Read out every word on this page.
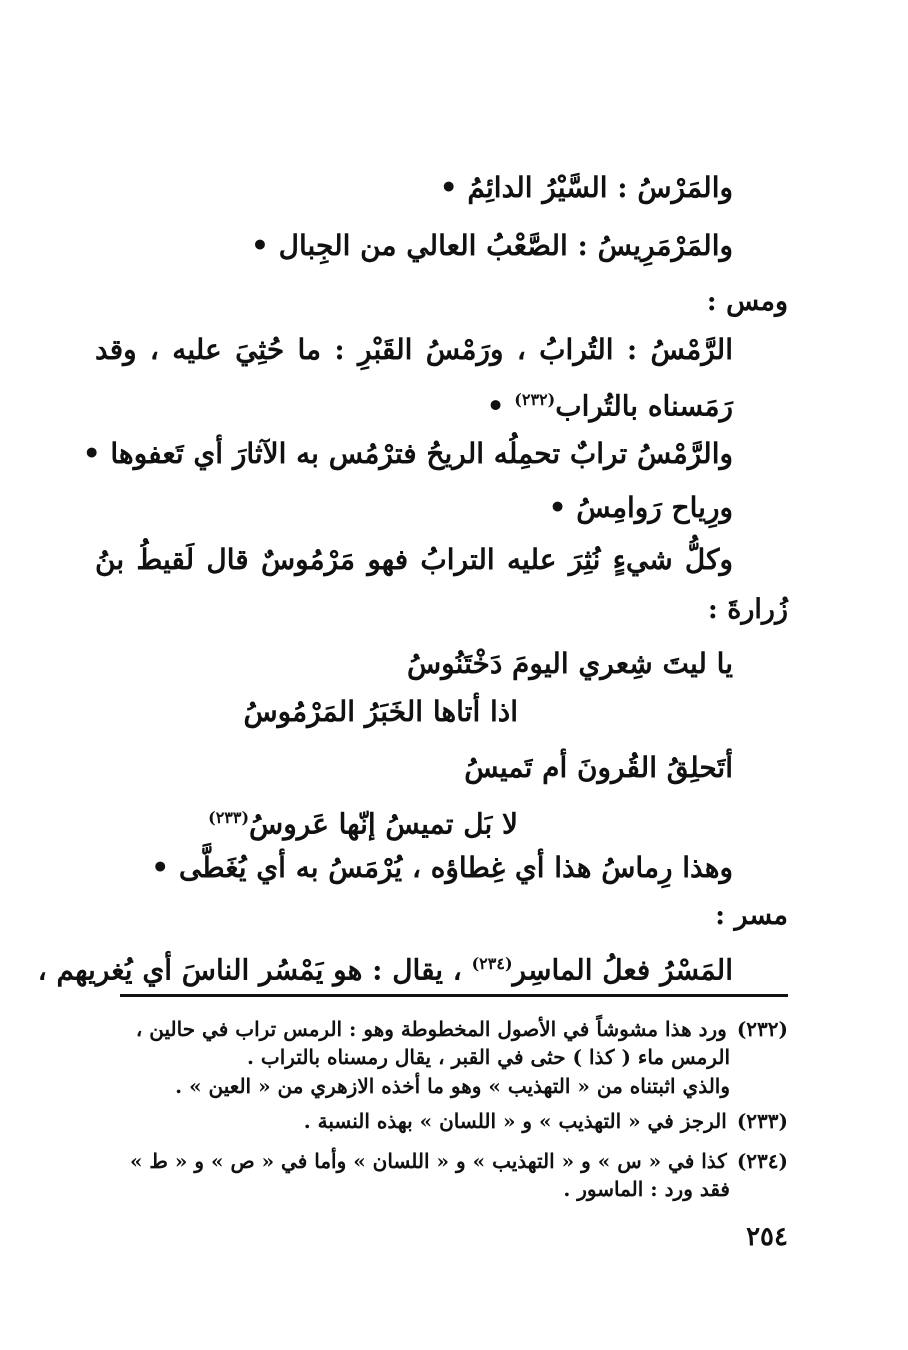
والمَرْسُ : السَّيْرُ الدائِمُ •
والمَرْمَرِيسُ : الصَّعْبُ العالي من الجِبال •
ومس :
الرَّمْسُ : التُرابُ ، ورَمْسُ القَبْرِ : ما حُثِيَ عليه ، وقد
رَمَسناه بالتُراب$^{(٢٣٢)}$ •
والرَّمْسُ ترابٌ تحمِلُه الريحُ فترْمُس به الآثارَ أي تَعفوها •
ورِياح رَوامِسُ •
وكلُّ شيءٍ نُثِرَ عليه الترابُ فهو مَرْمُوسٌ قال لَقيطُ بنُ
زُرارةَ :
يا ليتَ شِعري اليومَ دَخْتَنُوسُ
اذا أتاها الخَبَرُ المَرْمُوسُ
أتَحلِقُ القُرونَ أم تَميسُ
لا بَل تميسُ إنّها عَروسُ$^{(٢٣٣)}$
وهذا رِماسُ هذا أي غِطاؤه ، يُرْمَسُ به أي يُغَطَّى •
مسر :
المَسْرُ فعلُ الماسِر$^{(٢٣٤)}$ ، يقال : هو يَمْسُر الناسَ أي يُغريهم ،
(٢٣٢)ورد هذا مشوشاً في الأصول المخطوطة وهو : الرمس تراب في حالين ،
الرمس ماء ( كذا ) حثى في القبر ، يقال رمسناه بالتراب .
والذي اثبتناه من « التهذيب » وهو ما أخذه الازهري من « العين » .
(٢٣٣)الرجز في « التهذيب » و « اللسان » بهذه النسبة .
(٢٣٤)كذا في « س » و « التهذيب » و « اللسان » وأما في « ص » و « ط »
فقد ورد : الماسور .
٢٥٤
